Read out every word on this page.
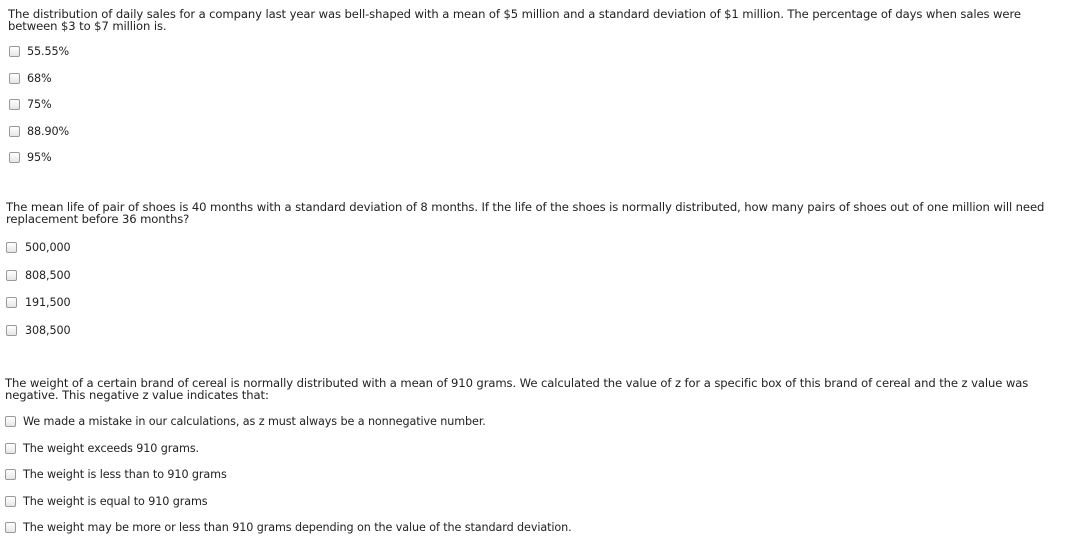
The distribution of daily sales for a company last year was bell-shaped with a mean of $5 million and a standard deviation of $1 million. The percentage of days when sales were between $3 to $7 million is.
55.55%
68%
75%
88.90%
95%
The mean life of pair of shoes is 40 months with a standard deviation of 8 months. If the life of the shoes is normally distributed, how many pairs of shoes out of one million will need replacement before 36 months?
500,000
808,500
191,500
308,500
The weight of a certain brand of cereal is normally distributed with a mean of 910 grams. We calculated the value of z for a specific box of this brand of cereal and the z value was negative. This negative z value indicates that:
We made a mistake in our calculations, as z must always be a nonnegative number.
The weight exceeds 910 grams.
The weight is less than to 910 grams
The weight is equal to 910 grams
The weight may be more or less than 910 grams depending on the value of the standard deviation.
